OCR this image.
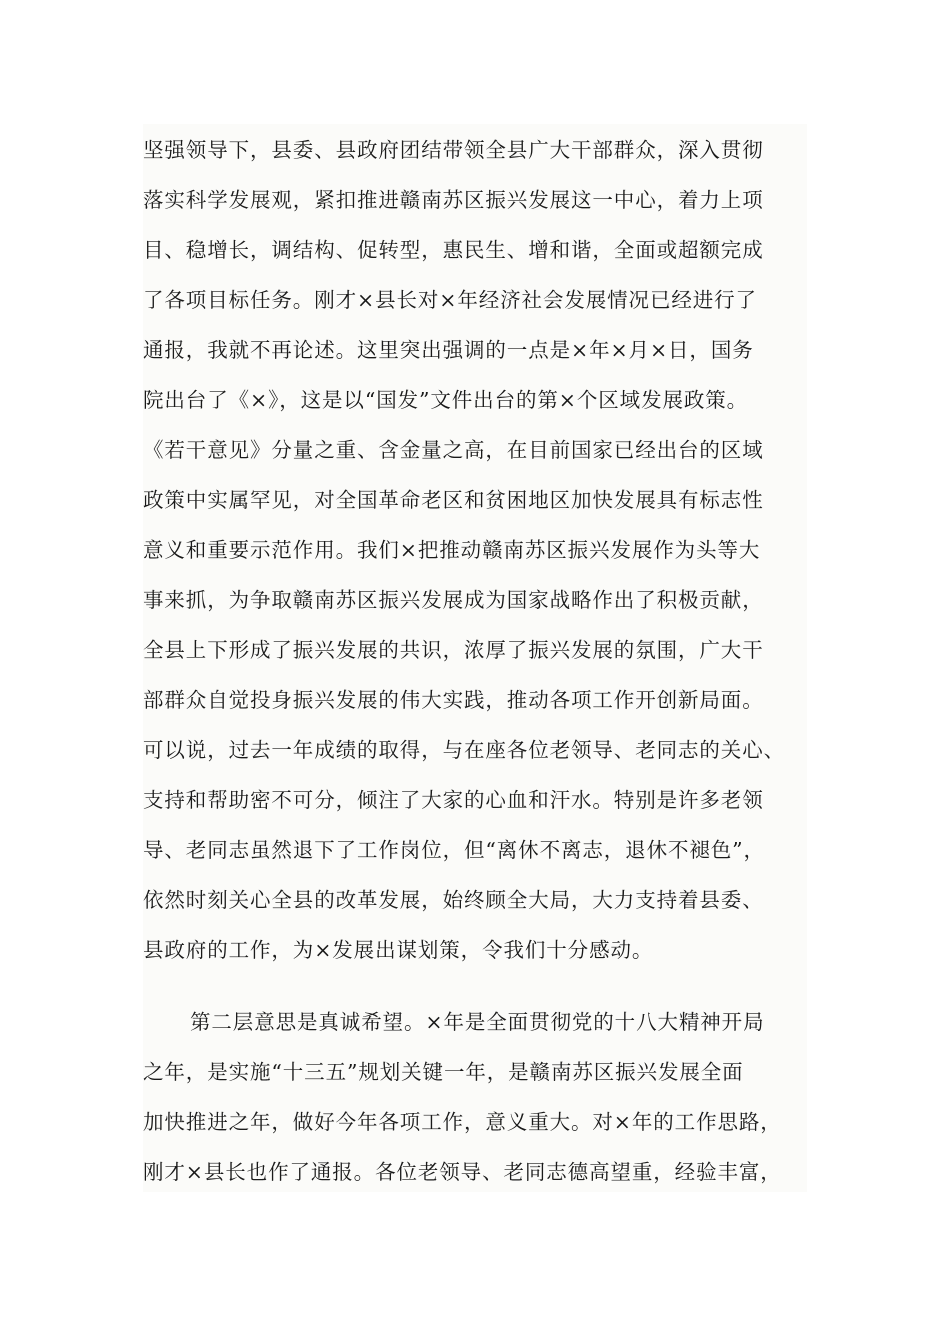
坚强领导下，县委、县政府团结带领全县广大干部群众，深入贯彻
落实科学发展观，紧扣推进赣南苏区振兴发展这一中心，着力上项
目、稳增长，调结构、促转型，惠民生、增和谐，全面或超额完成
了各项目标任务。刚才×县长对×年经济社会发展情况已经进行了
通报，我就不再论述。这里突出强调的一点是×年×月×日，国务
院出台了《×》，这是以“国发”文件出台的第×个区域发展政策。
《若干意见》分量之重、含金量之高，在目前国家已经出台的区域
政策中实属罕见，对全国革命老区和贫困地区加快发展具有标志性
意义和重要示范作用。我们×把推动赣南苏区振兴发展作为头等大
事来抓，为争取赣南苏区振兴发展成为国家战略作出了积极贡献，
全县上下形成了振兴发展的共识，浓厚了振兴发展的氛围，广大干
部群众自觉投身振兴发展的伟大实践，推动各项工作开创新局面。
可以说，过去一年成绩的取得，与在座各位老领导、老同志的关心、
支持和帮助密不可分，倾注了大家的心血和汗水。特别是许多老领
导、老同志虽然退下了工作岗位，但“离休不离志，退休不褪色”，
依然时刻关心全县的改革发展，始终顾全大局，大力支持着县委、
县政府的工作，为×发展出谋划策，令我们十分感动。
第二层意思是真诚希望。×年是全面贯彻党的十八大精神开局
之年，是实施“十三五”规划关键一年，是赣南苏区振兴发展全面
加快推进之年，做好今年各项工作，意义重大。对×年的工作思路，
刚才×县长也作了通报。各位老领导、老同志德高望重，经验丰富，
